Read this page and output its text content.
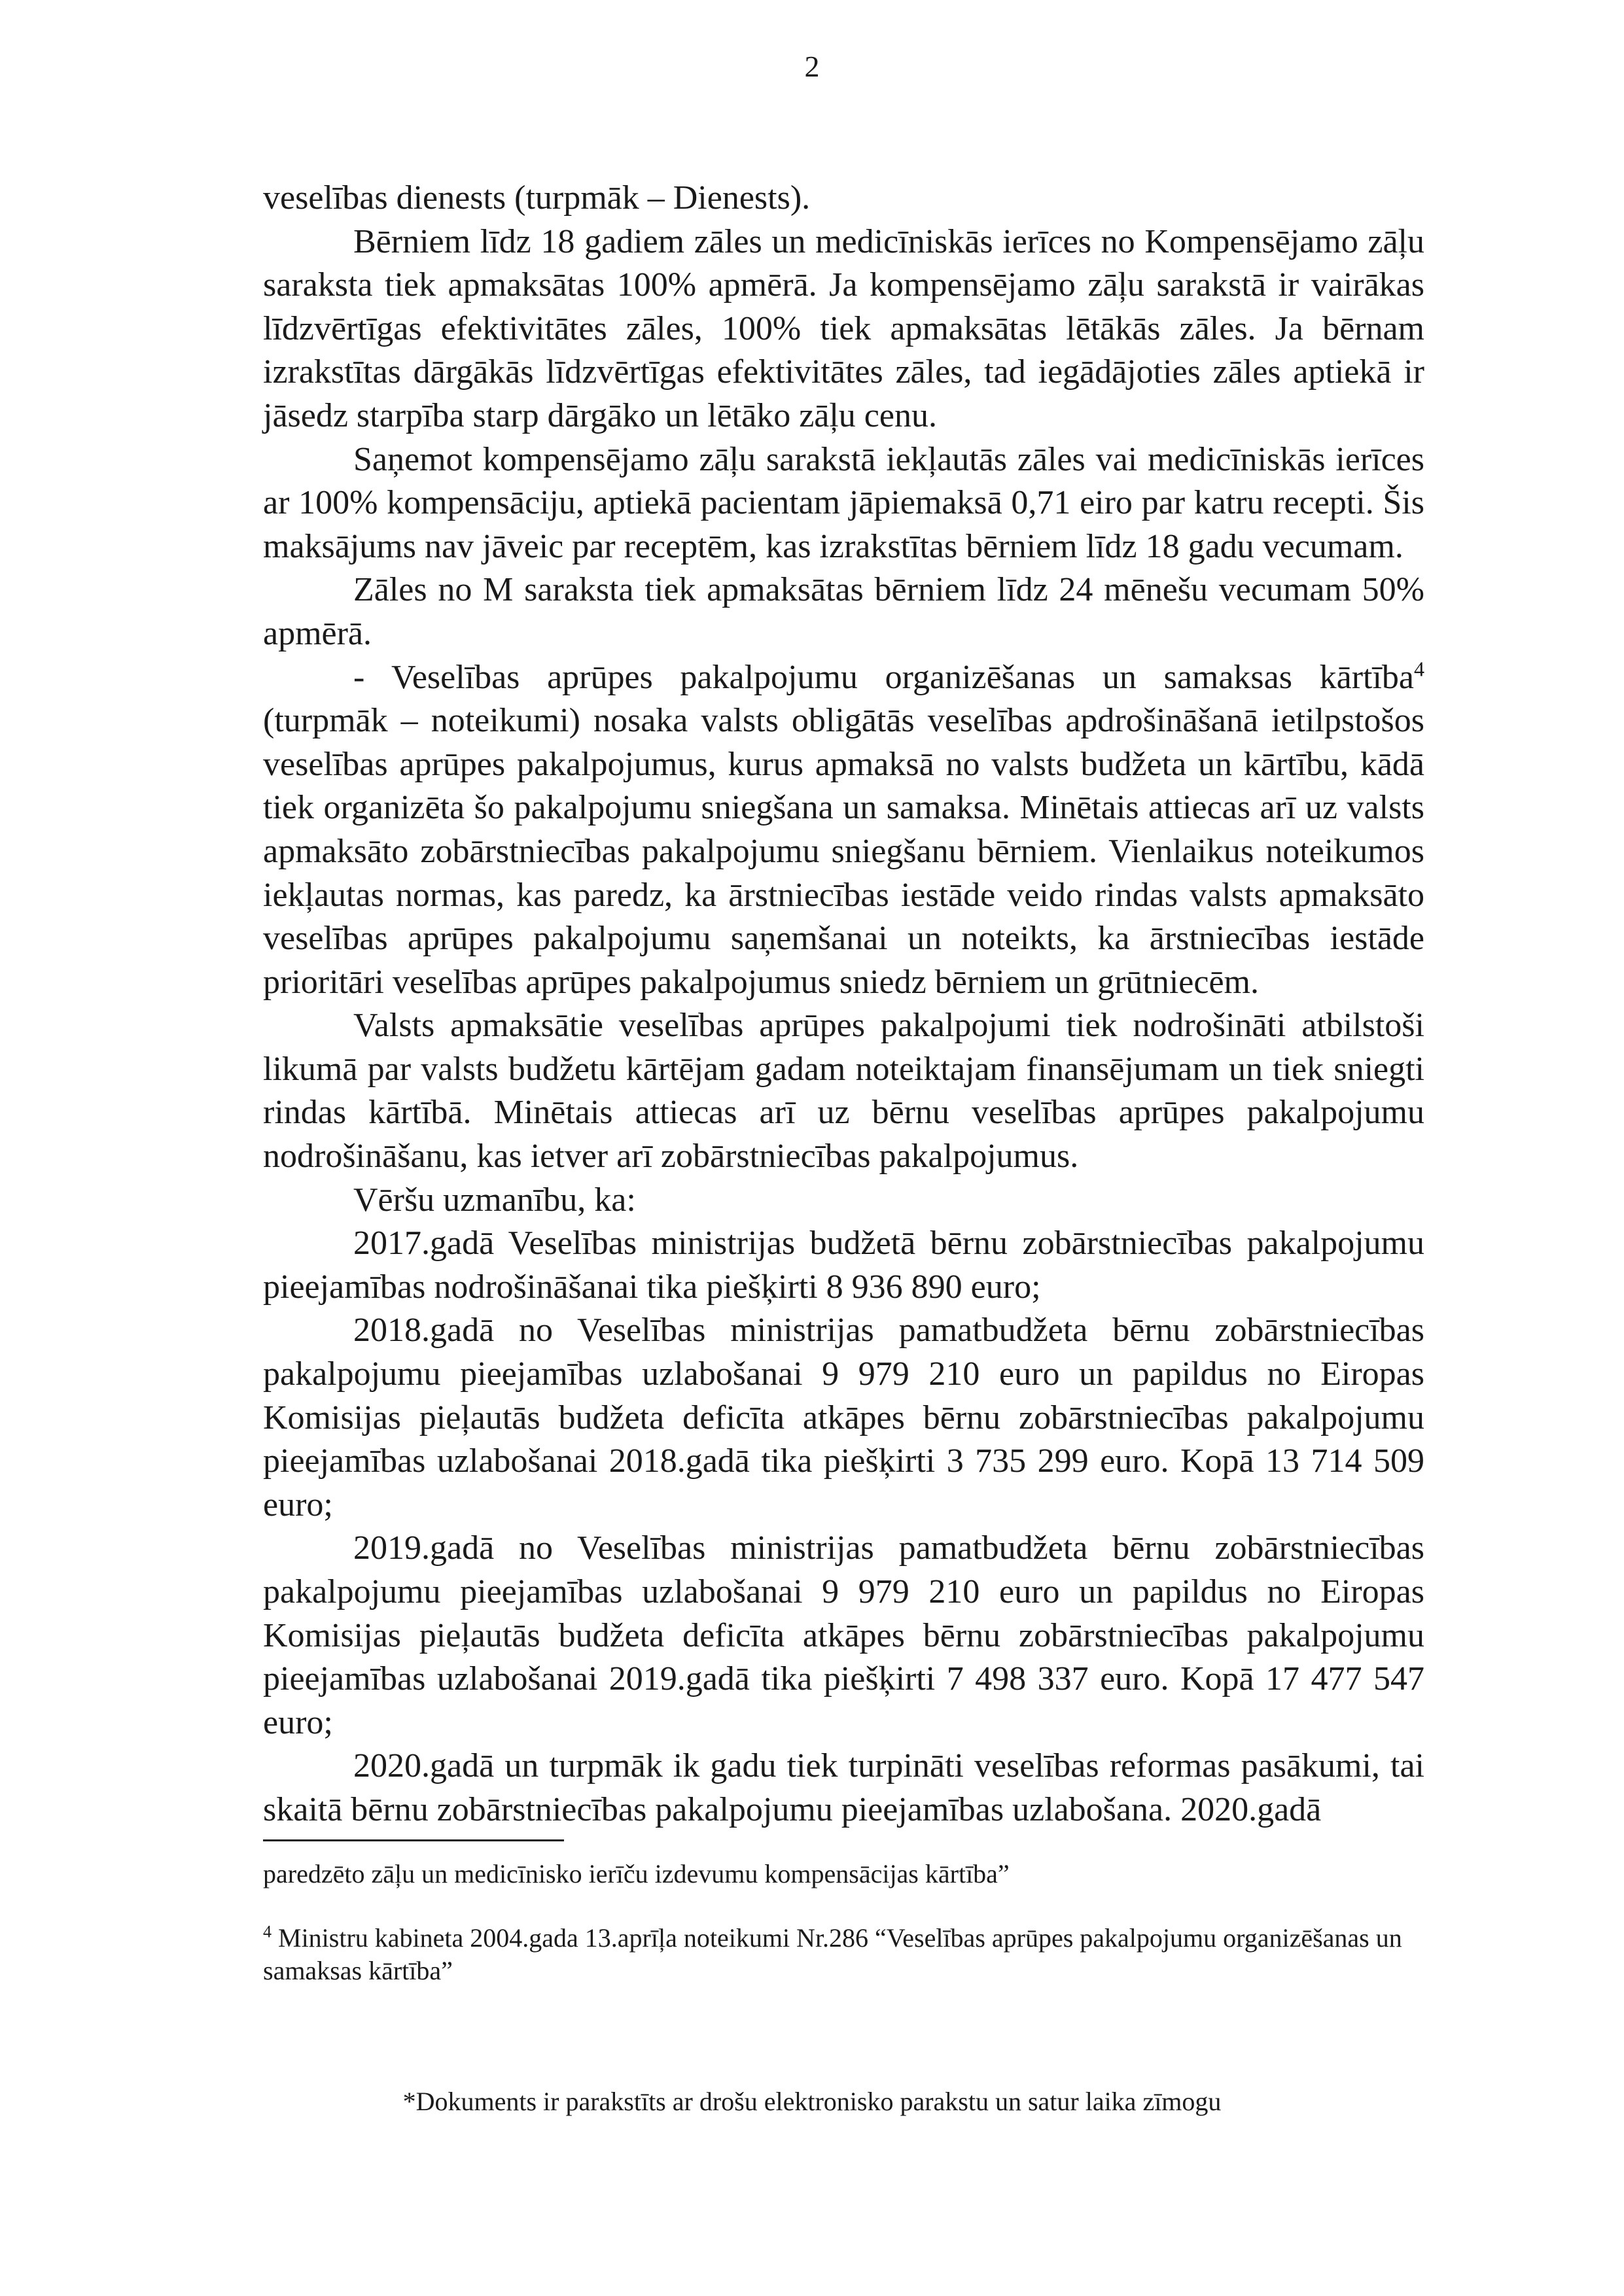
2

veselības dienests (turpmāk – Dienests).

Bērniem līdz 18 gadiem zāles un medicīniskās ierīces no Kompensējamo zāļu saraksta tiek apmaksātas 100% apmērā. Ja kompensējamo zāļu sarakstā ir vairākas līdzvērtīgas efektivitātes zāles, 100% tiek apmaksātas lētākās zāles. Ja bērnam izrakstītas dārgākās līdzvērtīgas efektivitātes zāles, tad iegādājoties zāles aptiekā ir jāsedz starpība starp dārgāko un lētāko zāļu cenu.

Saņemot kompensējamo zāļu sarakstā iekļautās zāles vai medicīniskās ierīces ar 100% kompensāciju, aptiekā pacientam jāpiemaksā 0,71 eiro par katru recepti. Šis maksājums nav jāveic par receptēm, kas izrakstītas bērniem līdz 18 gadu vecumam.

Zāles no M saraksta tiek apmaksātas bērniem līdz 24 mēnešu vecumam 50% apmērā.

- Veselības aprūpes pakalpojumu organizēšanas un samaksas kārtība$^4$ (turpmāk – noteikumi) nosaka valsts obligātās veselības apdrošināšanā ietilpstošos veselības aprūpes pakalpojumus, kurus apmaksā no valsts budžeta un kārtību, kādā tiek organizēta šo pakalpojumu sniegšana un samaksa. Minētais attiecas arī uz valsts apmaksāto zobārstniecības pakalpojumu sniegšanu bērniem. Vienlaikus noteikumos iekļautas normas, kas paredz, ka ārstniecības iestāde veido rindas valsts apmaksāto veselības aprūpes pakalpojumu saņemšanai un noteikts, ka ārstniecības iestāde prioritāri veselības aprūpes pakalpojumus sniedz bērniem un grūtniecēm.

Valsts apmaksātie veselības aprūpes pakalpojumi tiek nodrošināti atbilstoši likumā par valsts budžetu kārtējam gadam noteiktajam finansējumam un tiek sniegti rindas kārtībā. Minētais attiecas arī uz bērnu veselības aprūpes pakalpojumu nodrošināšanu, kas ietver arī zobārstniecības pakalpojumus.

Vēršu uzmanību, ka:

2017.gadā Veselības ministrijas budžetā bērnu zobārstniecības pakalpojumu pieejamības nodrošināšanai tika piešķirti 8 936 890 euro;

2018.gadā no Veselības ministrijas pamatbudžeta bērnu zobārstniecības pakalpojumu pieejamības uzlabošanai 9 979 210 euro un papildus no Eiropas Komisijas pieļautās budžeta deficīta atkāpes bērnu zobārstniecības pakalpojumu pieejamības uzlabošanai 2018.gadā tika piešķirti 3 735 299 euro. Kopā 13 714 509 euro;

2019.gadā no Veselības ministrijas pamatbudžeta bērnu zobārstniecības pakalpojumu pieejamības uzlabošanai 9 979 210 euro un papildus no Eiropas Komisijas pieļautās budžeta deficīta atkāpes bērnu zobārstniecības pakalpojumu pieejamības uzlabošanai 2019.gadā tika piešķirti 7 498 337 euro. Kopā 17 477 547 euro;

2020.gadā un turpmāk ik gadu tiek turpināti veselības reformas pasākumi, tai skaitā bērnu zobārstniecības pakalpojumu pieejamības uzlabošana. 2020.gadā

paredzēto zāļu un medicīnisko ierīču izdevumu kompensācijas kārtība”

$^4$ Ministru kabineta 2004.gada 13.aprīļa noteikumi Nr.286 “Veselības aprūpes pakalpojumu organizēšanas un samaksas kārtība”

*Dokuments ir parakstīts ar drošu elektronisko parakstu un satur laika zīmogu
